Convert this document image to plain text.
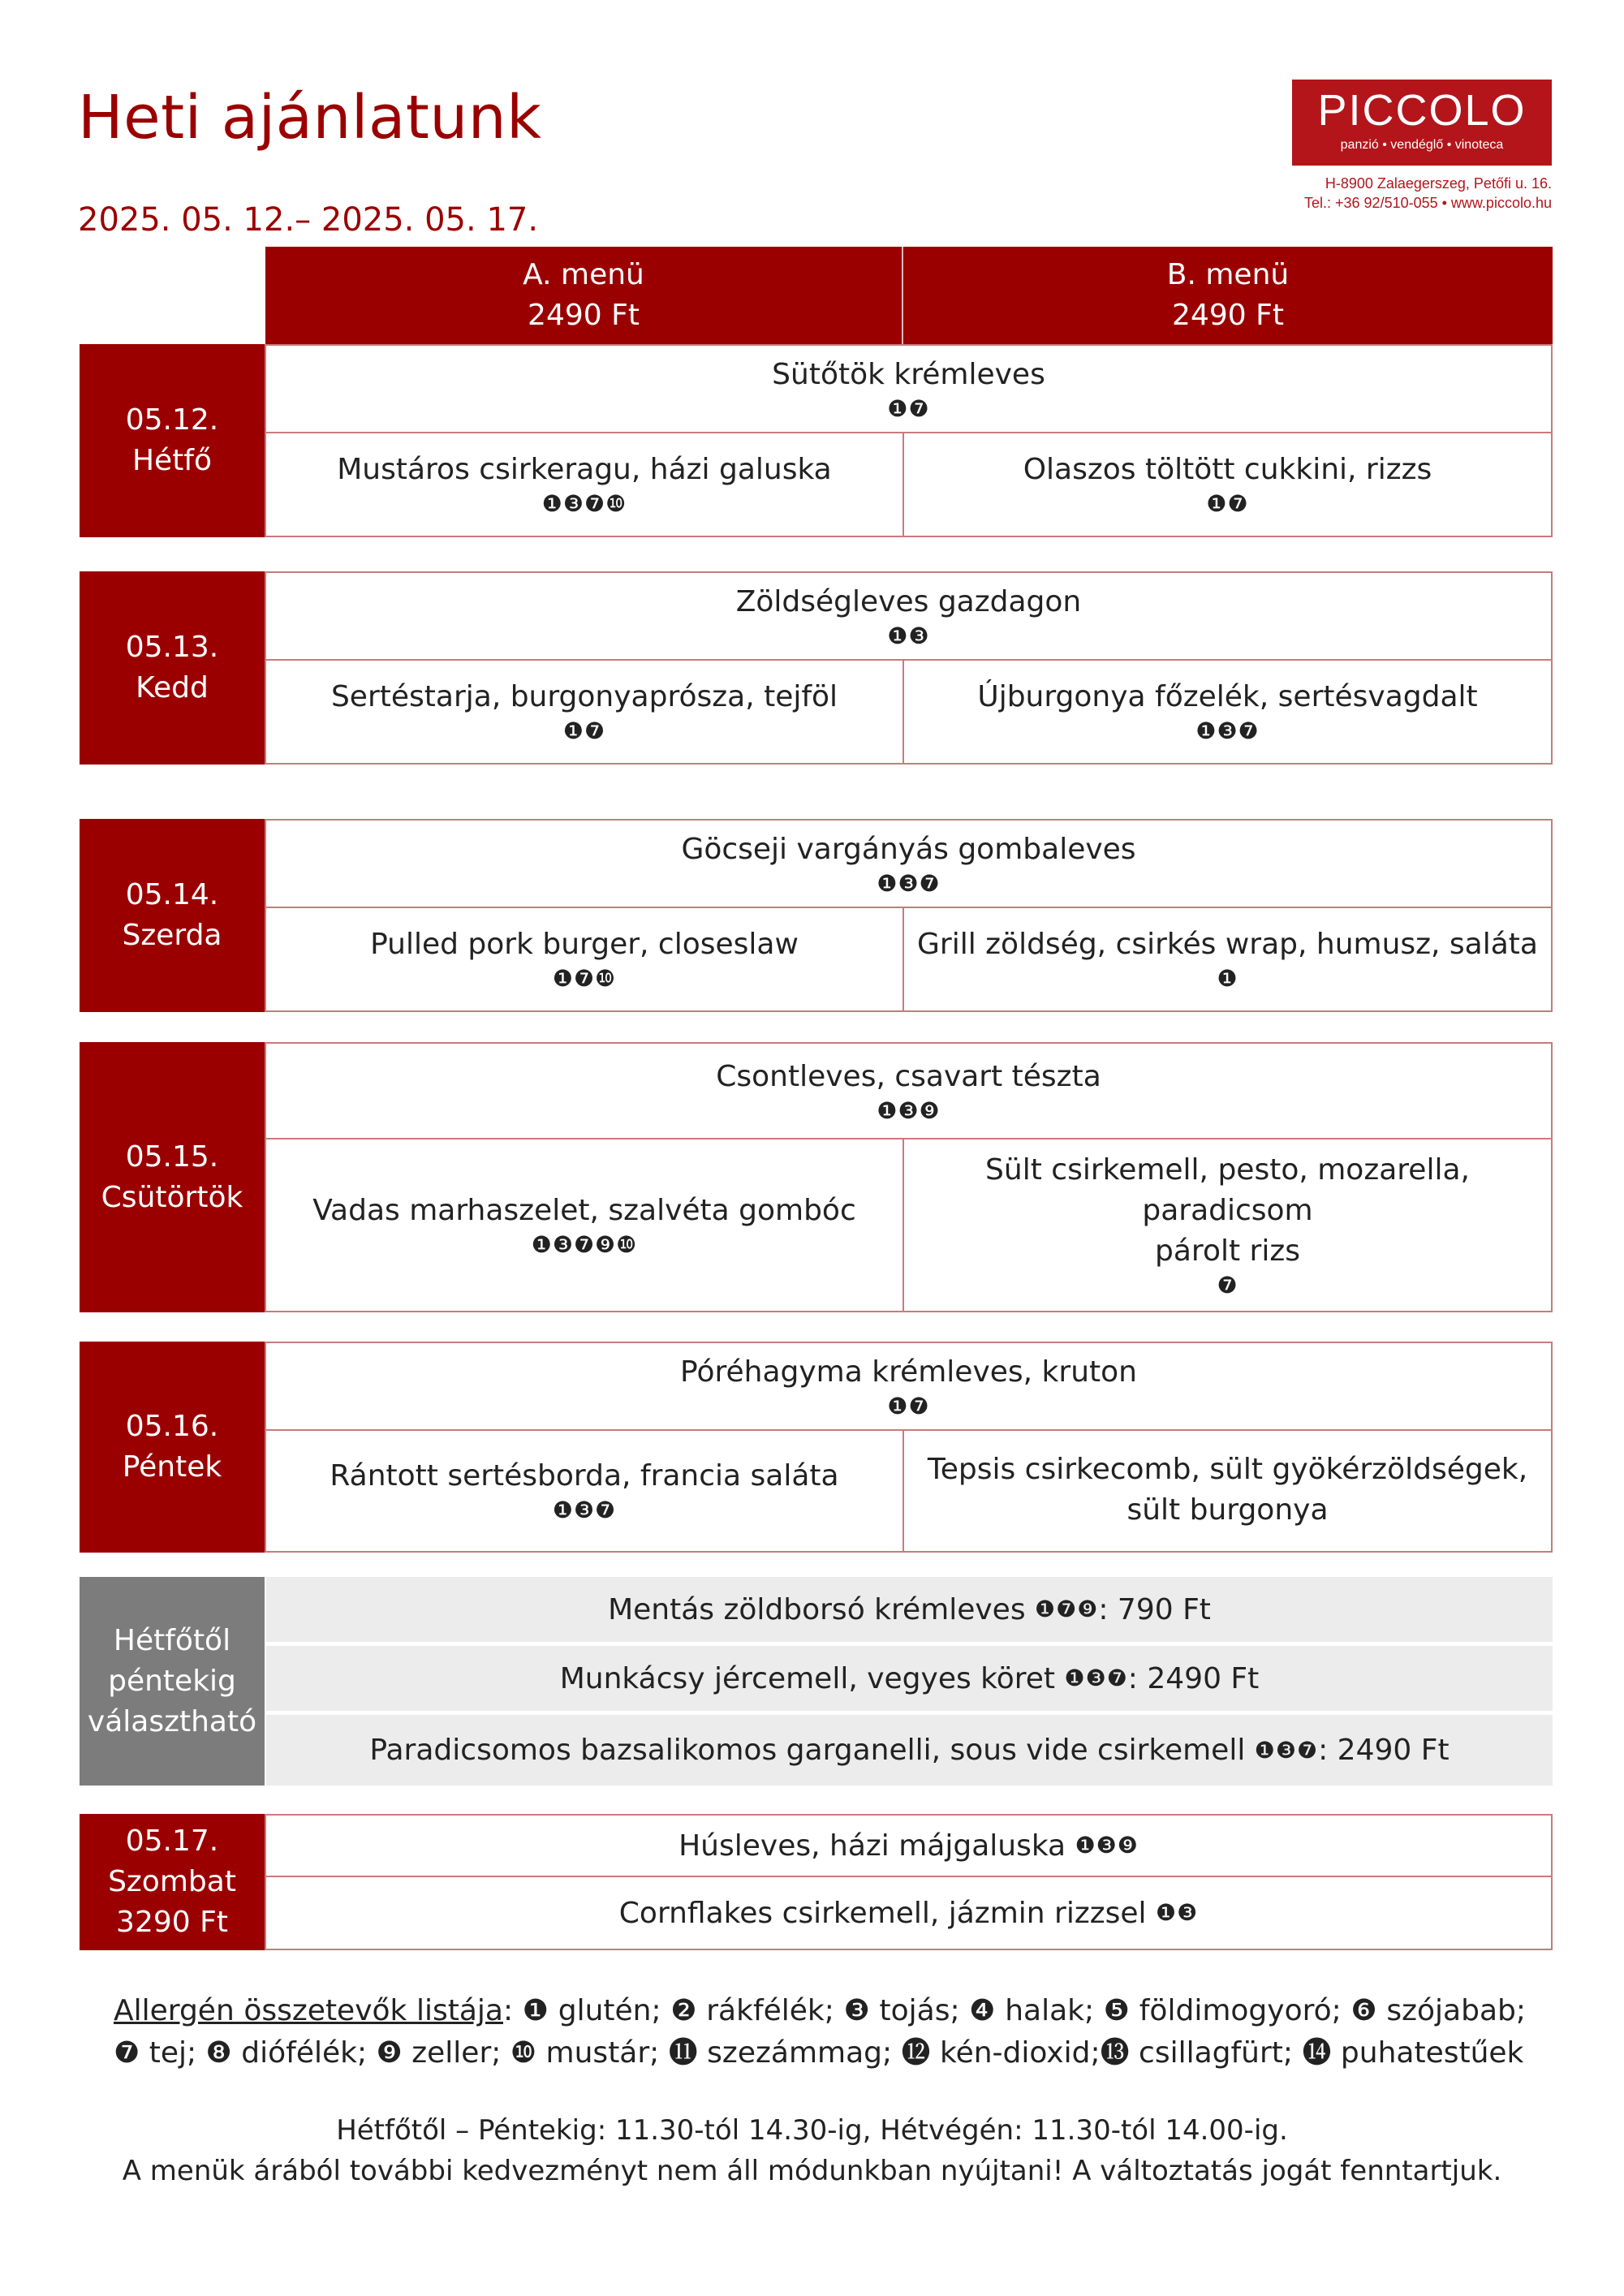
Heti ajánlatunk
2025. 05. 12.– 2025. 05. 17.
PICCOLO
panzió • vendéglő • vinoteca
H-8900 Zalaegerszeg, Petőfi u. 16.
Tel.: +36 92/510-055 • www.piccolo.hu
A. menü
2490 Ft
B. menü
2490 Ft
05.12.
Hétfő
Sütőtök krémleves
❶❼
Mustáros csirkeragu, házi galuska
❶❸❼❿
Olaszos töltött cukkini, rizzs
❶❼
05.13.
Kedd
Zöldségleves gazdagon
❶❸
Sertéstarja, burgonyaprósza, tejföl
❶❼
Újburgonya főzelék, sertésvagdalt
❶❸❼
05.14.
Szerda
Göcseji vargányás gombaleves
❶❸❼
Pulled pork burger, closeslaw
❶❼❿
Grill zöldség, csirkés wrap, humusz, saláta
❶
05.15.
Csütörtök
Csontleves, csavart tészta
❶❸❾
Vadas marhaszelet, szalvéta gombóc
❶❸❼❾❿
Sült csirkemell, pesto, mozarella, paradicsom
párolt rizs
❼
05.16.
Péntek
Póréhagyma krémleves, kruton
❶❼
Rántott sertésborda, francia saláta
❶❸❼
Tepsis csirkecomb, sült gyökérzöldségek,
sült burgonya
Hétfőtől
péntekig
választható
Mentás zöldborsó krémleves
❶❼❾ : 790 Ft
Munkácsy jércemell, vegyes köret
❶❸❼ : 2490 Ft
Paradicsomos bazsalikomos garganelli, sous vide csirkemell
❶❸❼ : 2490 Ft
05.17.
Szombat
3290 Ft
Húsleves, házi májgaluska
❶❸❾
Cornflakes csirkemell, jázmin rizzsel
❶❸
Allergén összetevők listája: ❶ glutén; ❷ rákfélék; ❸ tojás; ❹ halak; ❺ földimogyoró; ❻ szójabab; ❼ tej; ❽ diófélék; ❾ zeller; ❿ mustár; ⓫ szezámmag; ⓬ kén-dioxid;⓭ csillagfürt; ⓮ puhatestűek
Hétfőtől – Péntekig: 11.30-tól 14.30-ig, Hétvégén: 11.30-tól 14.00-ig.
A menük árából további kedvezményt nem áll módunkban nyújtani! A változtatás jogát fenntartjuk.
